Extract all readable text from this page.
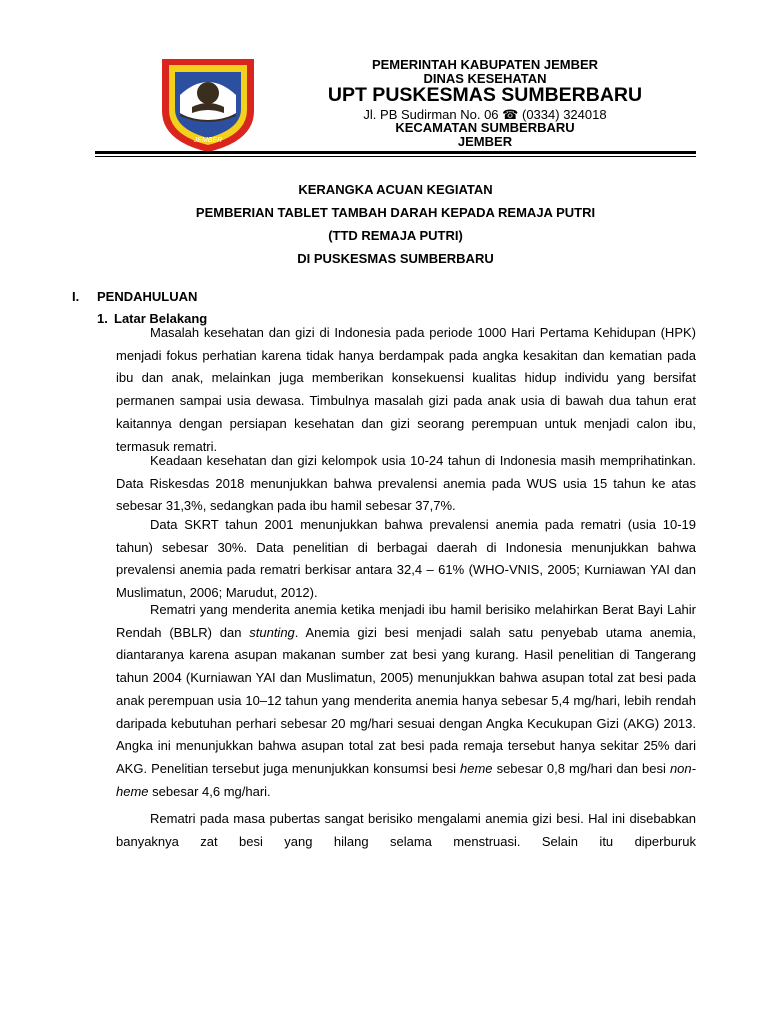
JEMBER
PEMERINTAH KABUPATEN JEMBER
DINAS KESEHATAN
UPT PUSKESMAS SUMBERBARU
Jl. PB Sudirman No. 06 ☎ (0334) 324018
KECAMATAN SUMBERBARU
JEMBER
KERANGKA ACUAN KEGIATAN
PEMBERIAN TABLET TAMBAH DARAH KEPADA REMAJA PUTRI
(TTD REMAJA PUTRI)
DI PUSKESMAS SUMBERBARU
I. PENDAHULUAN
1. Latar Belakang

Masalah kesehatan dan gizi di Indonesia pada periode 1000 Hari Pertama Kehidupan (HPK) menjadi fokus perhatian karena tidak hanya berdampak pada angka kesakitan dan kematian pada ibu dan anak, melainkan juga memberikan konsekuensi kualitas hidup individu yang bersifat permanen sampai usia dewasa. Timbulnya masalah gizi pada anak usia di bawah dua tahun erat kaitannya dengan persiapan kesehatan dan gizi seorang perempuan untuk menjadi calon ibu, termasuk rematri.

Keadaan kesehatan dan gizi kelompok usia 10-24 tahun di Indonesia masih memprihatinkan. Data Riskesdas 2018 menunjukkan bahwa prevalensi anemia pada WUS usia 15 tahun ke atas sebesar 31,3%, sedangkan pada ibu hamil sebesar 37,7%.

Data SKRT tahun 2001 menunjukkan bahwa prevalensi anemia pada rematri (usia 10-19 tahun) sebesar 30%. Data penelitian di berbagai daerah di Indonesia menunjukkan bahwa prevalensi anemia pada rematri berkisar antara 32,4 – 61% (WHO-VNIS, 2005; Kurniawan YAI dan Muslimatun, 2006; Marudut, 2012).

Rematri yang menderita anemia ketika menjadi ibu hamil berisiko melahirkan Berat Bayi Lahir Rendah (BBLR) dan stunting. Anemia gizi besi menjadi salah satu penyebab utama anemia, diantaranya karena asupan makanan sumber zat besi yang kurang. Hasil penelitian di Tangerang tahun 2004 (Kurniawan YAI dan Muslimatun, 2005) menunjukkan bahwa asupan total zat besi pada anak perempuan usia 10–12 tahun yang menderita anemia hanya sebesar 5,4 mg/hari, lebih rendah daripada kebutuhan perhari sebesar 20 mg/hari sesuai dengan Angka Kecukupan Gizi (AKG) 2013. Angka ini menunjukkan bahwa asupan total zat besi pada remaja tersebut hanya sekitar 25% dari AKG. Penelitian tersebut juga menunjukkan konsumsi besi heme sebesar 0,8 mg/hari dan besi non-heme sebesar 4,6 mg/hari.

Rematri pada masa pubertas sangat berisiko mengalami anemia gizi besi. Hal ini disebabkan banyaknya zat besi yang hilang selama menstruasi. Selain itu diperburuk
